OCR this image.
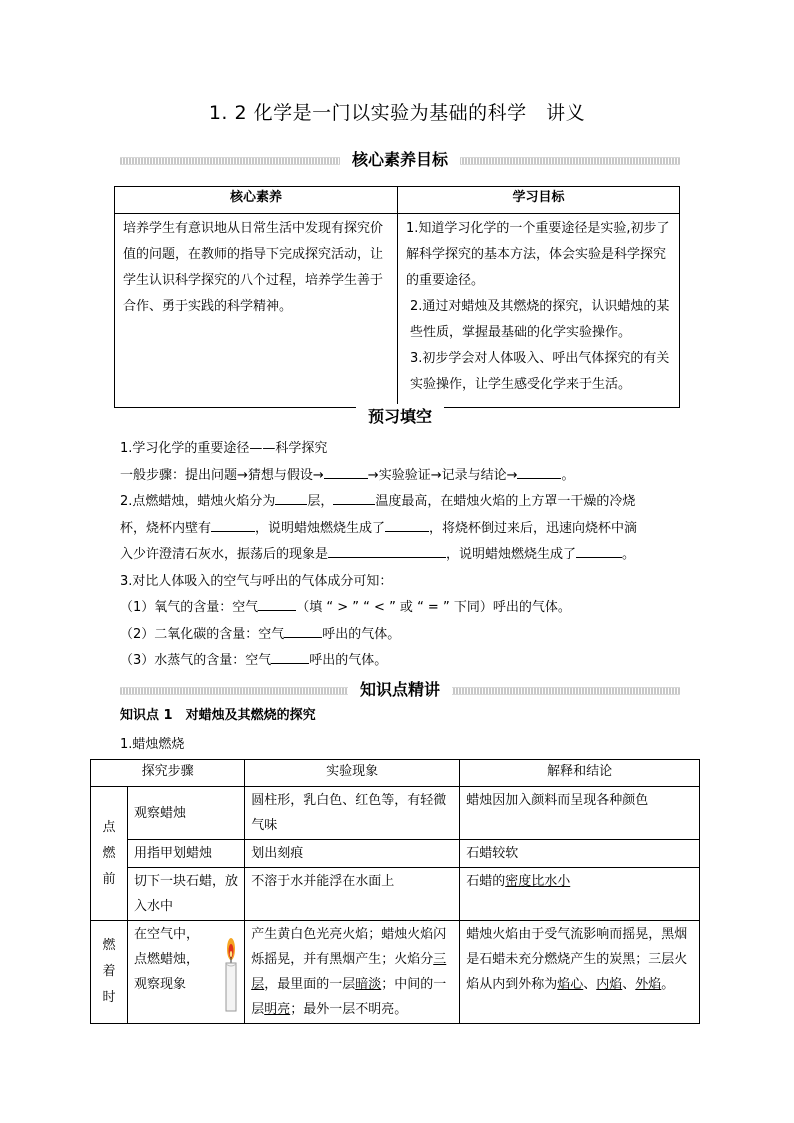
1. 2 化学是一门以实验为基础的科学　讲义
核心素养目标
核心素养	学习目标

培养学生有意识地从日常生活中发现有探究价值的问题，在教师的指导下完成探究活动，让学生认识科学探究的八个过程，培养学生善于合作、勇于实践的科学精神。	1.知道学习化学的一个重要途径是实验,初步了解科学探究的基本方法，体会实验是科学探究的重要途径。

2.通过对蜡烛及其燃烧的探究，认识蜡烛的某些性质，掌握最基础的化学实验操作。

3.初步学会对人体吸入、呼出气体探究的有关实验操作，让学生感受化学来于生活。

预习填空
1.学习化学的重要途径——科学探究
一般步骤：提出问题→猜想与假设→	→实验验证→记录与结论→	。
2.点燃蜡烛，蜡烛火焰分为 层，	温度最高，在蜡烛火焰的上方罩一干燥的冷烧
杯，烧杯内壁有	，说明蜡烛燃烧生成了	，将烧杯倒过来后，迅速向烧杯中滴
入少许澄清石灰水，振荡后的现象是	，说明蜡烛燃烧生成了	。
3.对比人体吸入的空气与呼出的气体成分可知：
（1）氧气的含量：空气	（填 “ > ” “ < ” 或 “ = ” 下同）呼出的气体。
（2）二氧化碳的含量：空气	呼出的气体。
（3）水蒸气的含量：空气	呼出的气体。
知识点精讲
知识点 1　对蜡烛及其燃烧的探究
1.蜡烛燃烧
探究步骤		实验现象	解释和结论

点
燃
前	观察蜡烛	圆柱形，乳白色、红色等，有轻微气味	蜡烛因加入颜料而呈现各种颜色
	用指甲划蜡烛	划出刻痕	石蜡较软
	切下一块石蜡，放入水中	不溶于水并能浮在水面上	石蜡的密度比水小

燃
着
时	在空气中，点燃蜡烛，观察现象	产生黄白色光亮火焰；蜡烛火焰闪烁摇晃，并有黑烟产生；火焰分三层，最里面的一层暗淡；中间的一层明亮；最外一层不明亮。	蜡烛火焰由于受气流影响而摇晃，黑烟是石蜡未充分燃烧产生的炭黑；三层火焰从内到外称为焰心、内焰、外焰。
